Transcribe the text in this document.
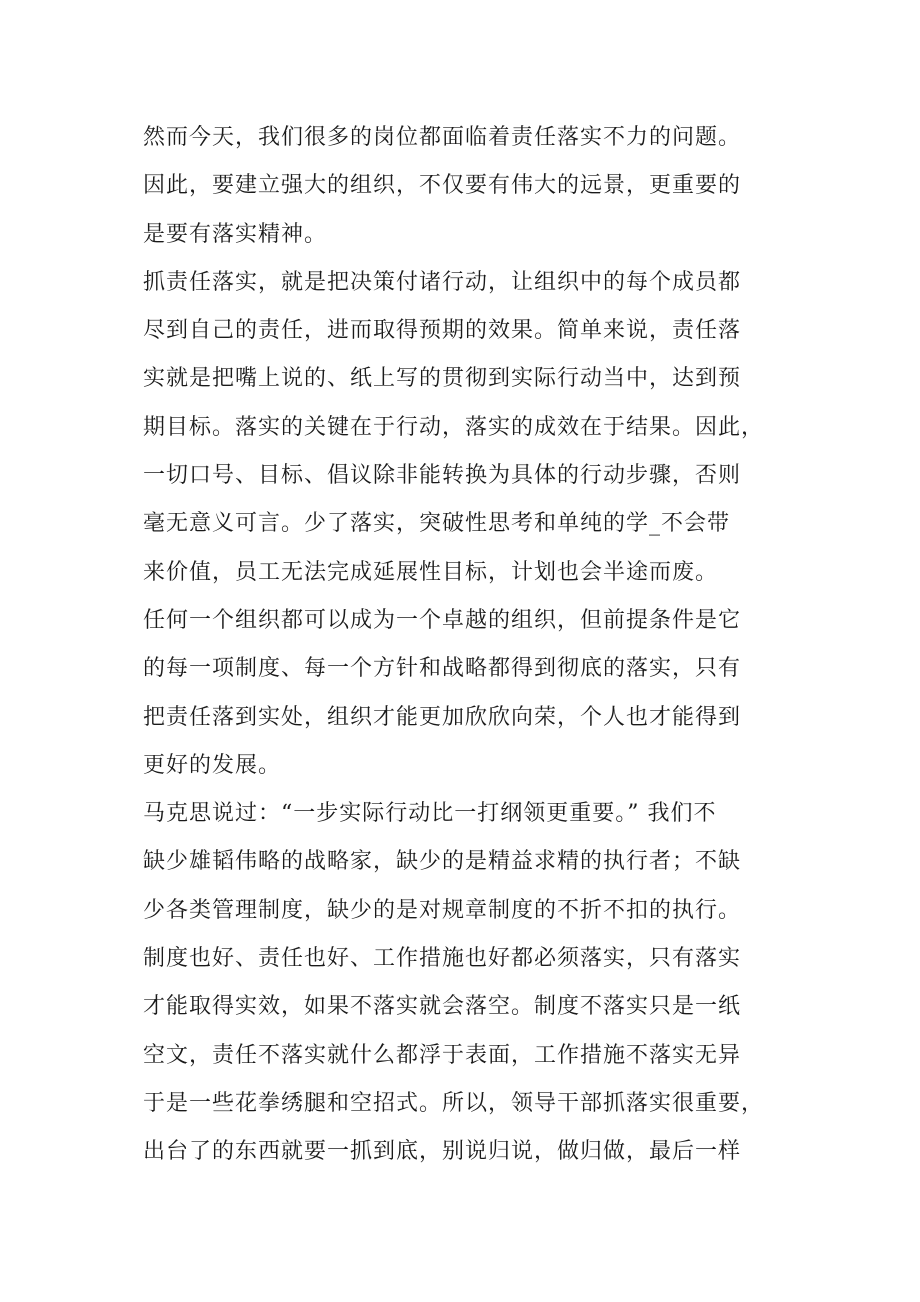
然而今天，我们很多的岗位都面临着责任落实不力的问题。
因此，要建立强大的组织，不仅要有伟大的远景，更重要的
是要有落实精神。
抓责任落实，就是把决策付诸行动，让组织中的每个成员都
尽到自己的责任，进而取得预期的效果。简单来说，责任落
实就是把嘴上说的、纸上写的贯彻到实际行动当中，达到预
期目标。落实的关键在于行动，落实的成效在于结果。因此，
一切口号、目标、倡议除非能转换为具体的行动步骤，否则
毫无意义可言。少了落实，突破性思考和单纯的学_不会带
来价值，员工无法完成延展性目标，计划也会半途而废。
任何一个组织都可以成为一个卓越的组织，但前提条件是它
的每一项制度、每一个方针和战略都得到彻底的落实，只有
把责任落到实处，组织才能更加欣欣向荣，个人也才能得到
更好的发展。
马克思说过：“一步实际行动比一打纲领更重要。” 我们不
缺少雄韬伟略的战略家，缺少的是精益求精的执行者；不缺
少各类管理制度，缺少的是对规章制度的不折不扣的执行。
制度也好、责任也好、工作措施也好都必须落实，只有落实
才能取得实效，如果不落实就会落空。制度不落实只是一纸
空文，责任不落实就什么都浮于表面，工作措施不落实无异
于是一些花拳绣腿和空招式。所以，领导干部抓落实很重要，
出台了的东西就要一抓到底，别说归说，做归做，最后一样
